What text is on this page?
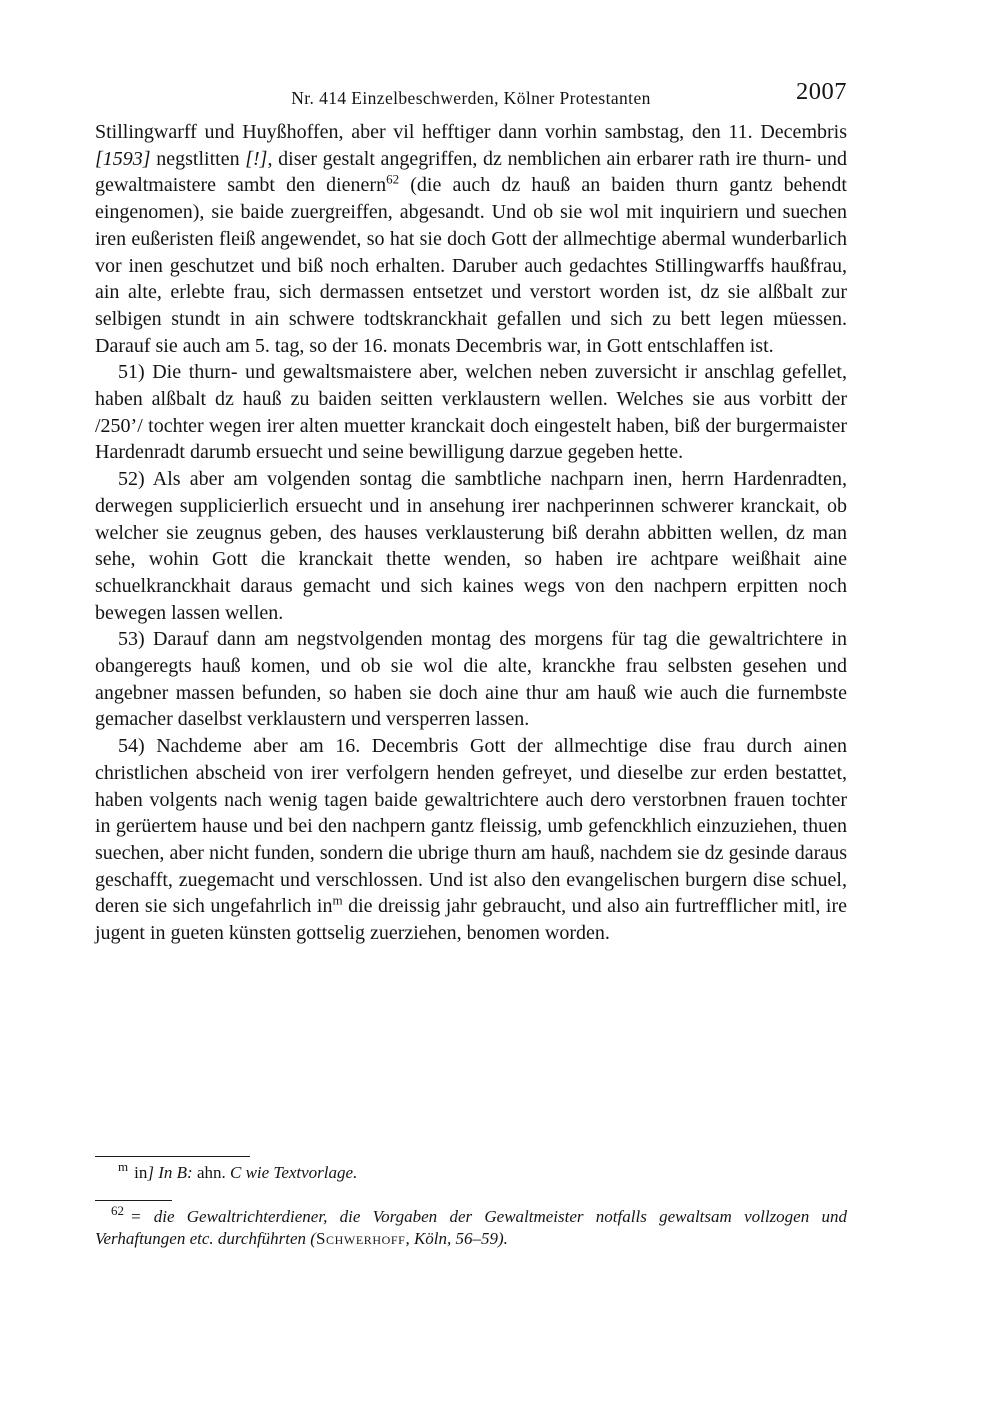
Nr. 414 Einzelbeschwerden, Kölner Protestanten	2007

Stillingwarff und Huyßhoffen, aber vil hefftiger dann vorhin sambstag, den 11. Decembris [1593] negstlitten [!], diser gestalt angegriffen, dz nemblichen ain erbarer rath ire thurn- und gewaltmaistere sambt den dienern$^{62}$ (die auch dz hauß an baiden thurn gantz behendt eingenomen), sie baide zuergreiffen, abgesandt. Und ob sie wol mit inquiriern und suechen iren eußeristen fleiß angewendet, so hat sie doch Gott der allmechtige abermal wunderbarlich vor inen geschutzet und biß noch erhalten. Daruber auch gedachtes Stillingwarffs haußfrau, ain alte, erlebte frau, sich dermassen entsetzet und verstort worden ist, dz sie alßbalt zur selbigen stundt in ain schwere todtskranckhait gefallen und sich zu bett legen müessen. Darauf sie auch am 5. tag, so der 16. monats Decembris war, in Gott entschlaffen ist.

51) Die thurn- und gewaltsmaistere aber, welchen neben zuversicht ir anschlag gefellet, haben alßbalt dz hauß zu baiden seitten verklaustern wellen. Welches sie aus vorbitt der /250’/ tochter wegen irer alten muetter kranckait doch eingestelt haben, biß der burgermaister Hardenradt darumb ersuecht und seine bewilligung darzue gegeben hette.

52) Als aber am volgenden sontag die sambtliche nachparn inen, herrn Hardenradten, derwegen supplicierlich ersuecht und in ansehung irer nachperinnen schwerer kranckait, ob welcher sie zeugnus geben, des hauses verklausterung biß derahn abbitten wellen, dz man sehe, wohin Gott die kranckait thette wenden, so haben ire achtpare weißhait aine schuelkranckhait daraus gemacht und sich kaines wegs von den nachpern erpitten noch bewegen lassen wellen.

53) Darauf dann am negstvolgenden montag des morgens für tag die gewaltrichtere in obangeregts hauß komen, und ob sie wol die alte, kranckhe frau selbsten gesehen und angebner massen befunden, so haben sie doch aine thur am hauß wie auch die furnembste gemacher daselbst verklaustern und versperren lassen.

54) Nachdeme aber am 16. Decembris Gott der allmechtige dise frau durch ainen christlichen abscheid von irer verfolgern henden gefreyet, und dieselbe zur erden bestattet, haben volgents nach wenig tagen baide gewaltrichtere auch dero verstorbnen frauen tochter in gerüertem hause und bei den nachpern gantz fleissig, umb gefenckhlich einzuziehen, thuen suechen, aber nicht funden, sondern die ubrige thurn am hauß, nachdem sie dz gesinde daraus geschafft, zuegemacht und verschlossen. Und ist also den evangelischen burgern dise schuel, deren sie sich ungefahrlich $in^m$ die dreissig jahr gebraucht, und also ain furtrefflicher mitl, ire jugent in gueten künsten gottselig zuerziehen, benomen worden.

$^m$ in] In B: ahn. C wie Textvorlage.

$^{62}$ = die Gewaltrichterdiener, die Vorgaben der Gewaltmeister notfalls gewaltsam vollzogen und Verhaftungen etc. durchführten (Schwerhoff, Köln, 56–59).
